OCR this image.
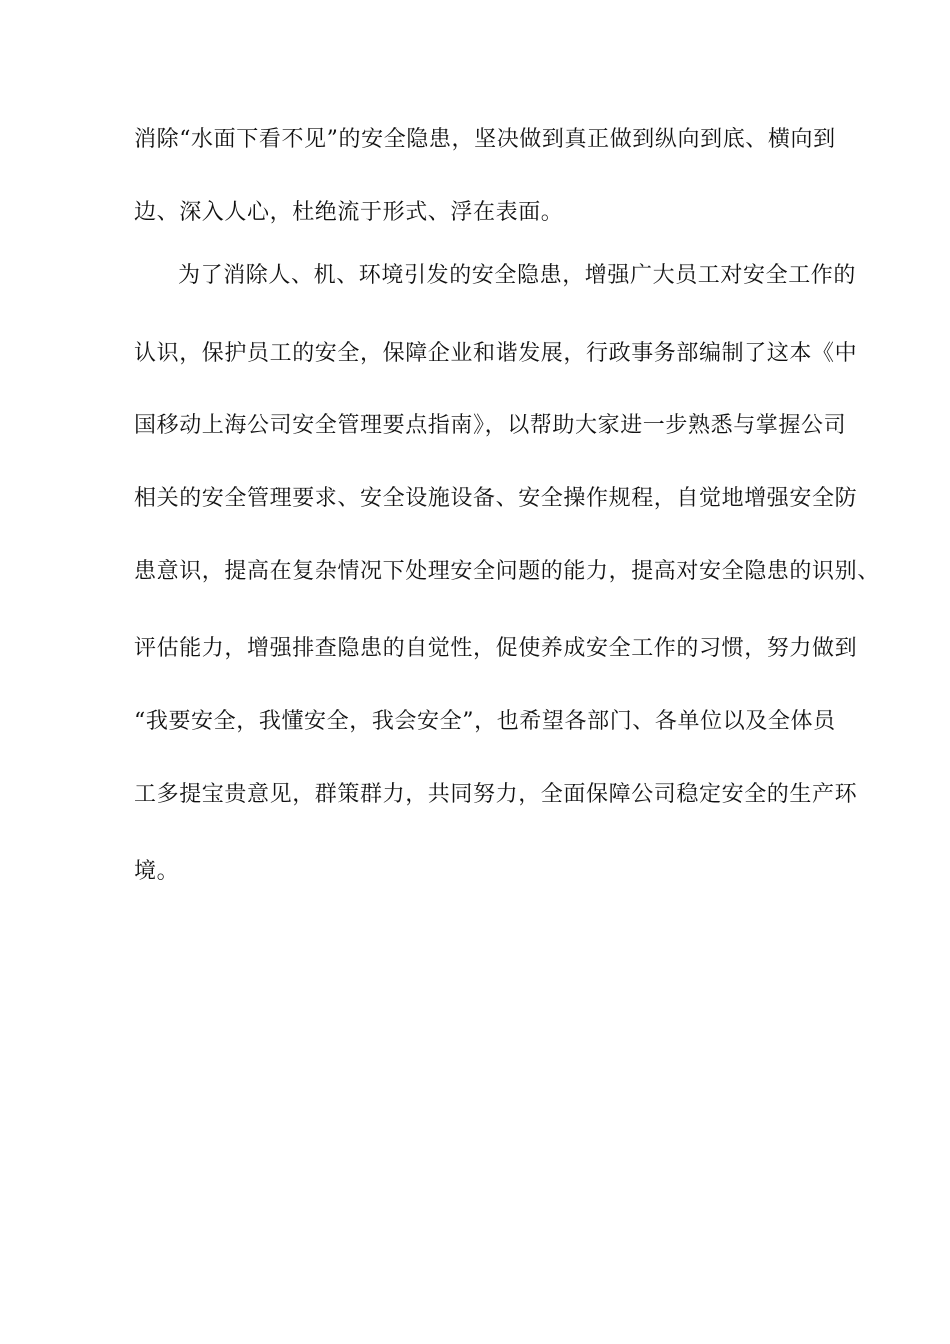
消除“水面下看不见”的安全隐患，坚决做到真正做到纵向到底、横向到
边、深入人心，杜绝流于形式、浮在表面。
为了消除人、机、环境引发的安全隐患，增强广大员工对安全工作的
认识，保护员工的安全，保障企业和谐发展，行政事务部编制了这本《中
国移动上海公司安全管理要点指南》，以帮助大家进一步熟悉与掌握公司
相关的安全管理要求、安全设施设备、安全操作规程，自觉地增强安全防
患意识，提高在复杂情况下处理安全问题的能力，提高对安全隐患的识别、
评估能力，增强排查隐患的自觉性，促使养成安全工作的习惯，努力做到
“我要安全，我懂安全，我会安全”，也希望各部门、各单位以及全体员
工多提宝贵意见，群策群力，共同努力，全面保障公司稳定安全的生产环
境。
